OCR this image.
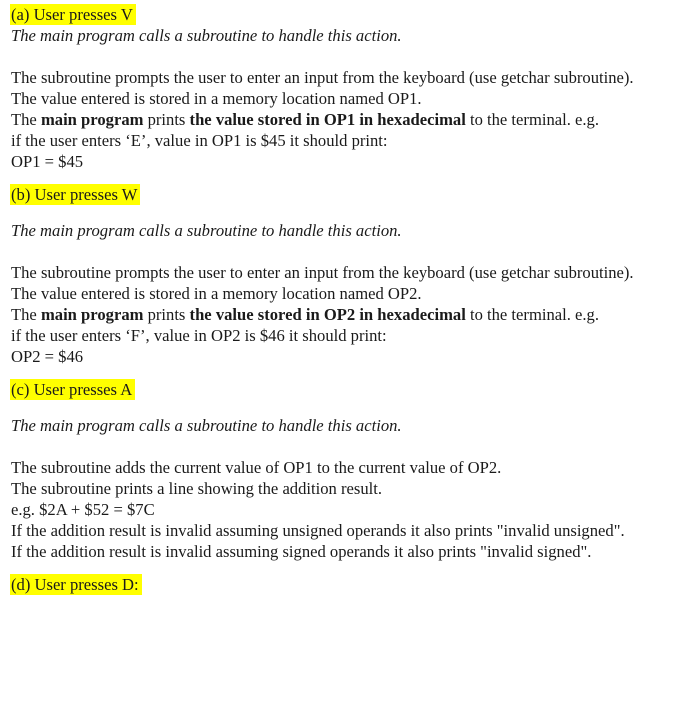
(a) User presses V
The main program calls a subroutine to handle this action.
The subroutine prompts the user to enter an input from the keyboard (use getchar subroutine).
The value entered is stored in a memory location named OP1.
The main program prints the value stored in OP1 in hexadecimal to the terminal. e.g.
if the user enters ‘E’, value in OP1 is $45 it should print:
OP1 = $45
(b) User presses W
The main program calls a subroutine to handle this action.
The subroutine prompts the user to enter an input from the keyboard (use getchar subroutine).
The value entered is stored in a memory location named OP2.
The main program prints the value stored in OP2 in hexadecimal to the terminal. e.g.
if the user enters ‘F’, value in OP2 is $46 it should print:
OP2 = $46
(c) User presses A
The main program calls a subroutine to handle this action.
The subroutine adds the current value of OP1 to the current value of OP2.
The subroutine prints a line showing the addition result.
e.g. $2A + $52 = $7C
If the addition result is invalid assuming unsigned operands it also prints "invalid unsigned".
If the addition result is invalid assuming signed operands it also prints "invalid signed".
(d) User presses D:
